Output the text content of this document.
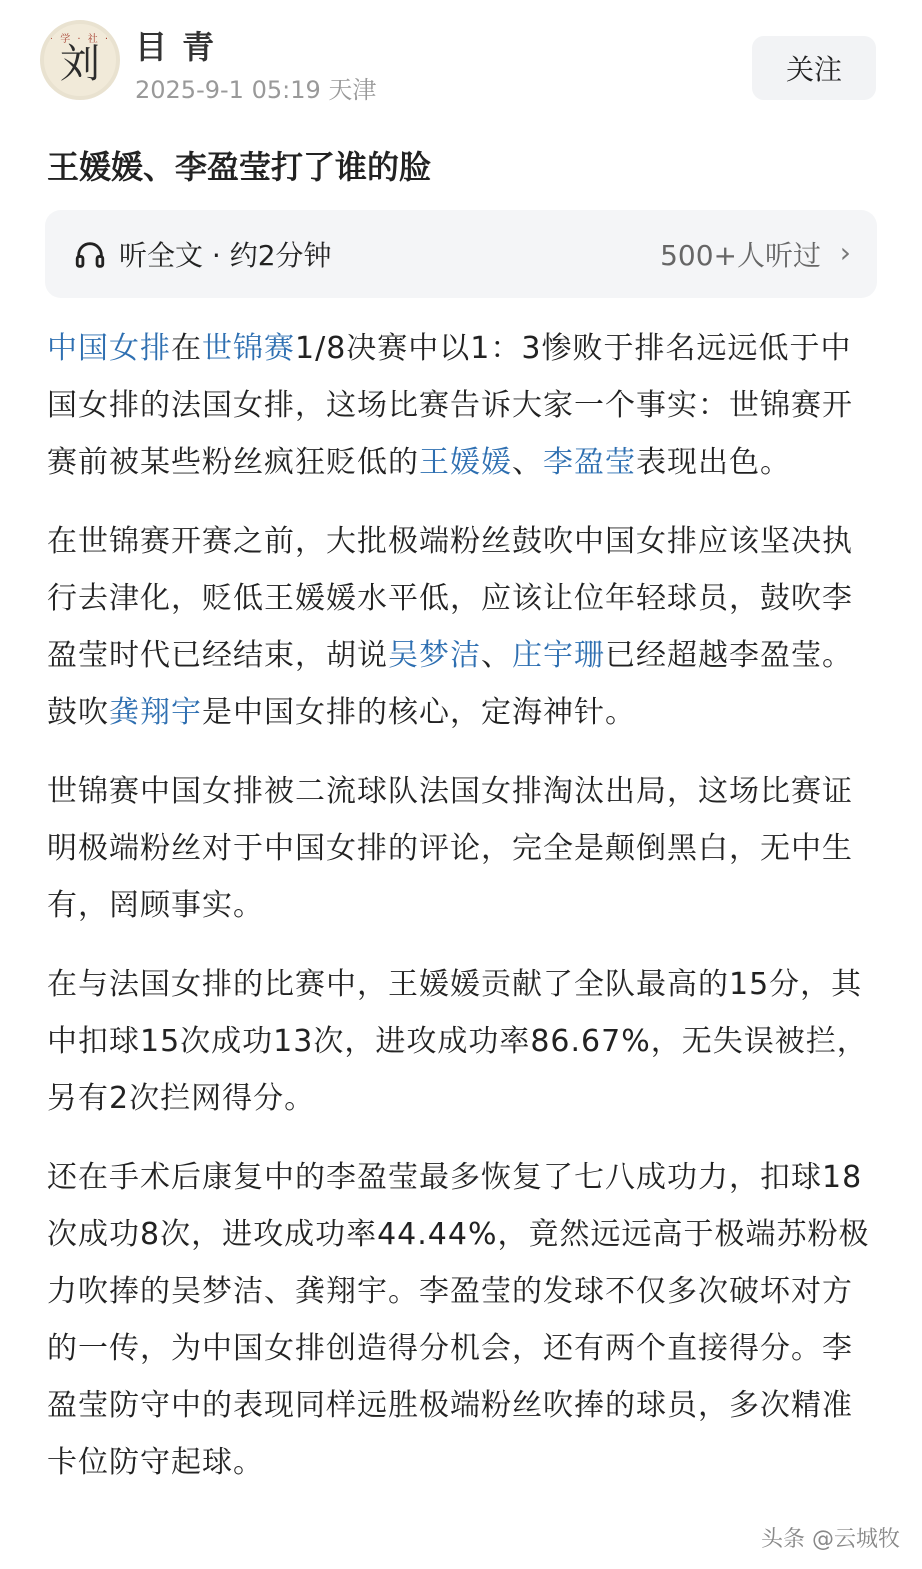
· 学 · 社 ·
刘	目 青
2025-9-1 05:19 天津
关注
王媛媛、李盈莹打了谁的脸
听全文 · 约2分钟	500+人听过 ›

中国女排在世锦赛1/8决赛中以1：3惨败于排名远远低于中国女排的法国女排，这场比赛告诉大家一个事实：世锦赛开赛前被某些粉丝疯狂贬低的王媛媛、李盈莹表现出色。

在世锦赛开赛之前，大批极端粉丝鼓吹中国女排应该坚决执行去津化，贬低王媛媛水平低，应该让位年轻球员，鼓吹李盈莹时代已经结束，胡说吴梦洁、庄宇珊已经超越李盈莹。鼓吹龚翔宇是中国女排的核心，定海神针。

世锦赛中国女排被二流球队法国女排淘汰出局，这场比赛证明极端粉丝对于中国女排的评论，完全是颠倒黑白，无中生有，罔顾事实。

在与法国女排的比赛中，王媛媛贡献了全队最高的15分，其中扣球15次成功13次，进攻成功率86.67%，无失误被拦，另有2次拦网得分。

还在手术后康复中的李盈莹最多恢复了七八成功力，扣球18次成功8次，进攻成功率44.44%，竟然远远高于极端苏粉极力吹捧的吴梦洁、龚翔宇。李盈莹的发球不仅多次破坏对方的一传，为中国女排创造得分机会，还有两个直接得分。李盈莹防守中的表现同样远胜极端粉丝吹捧的球员，多次精准卡位防守起球。

头条 @云城牧
